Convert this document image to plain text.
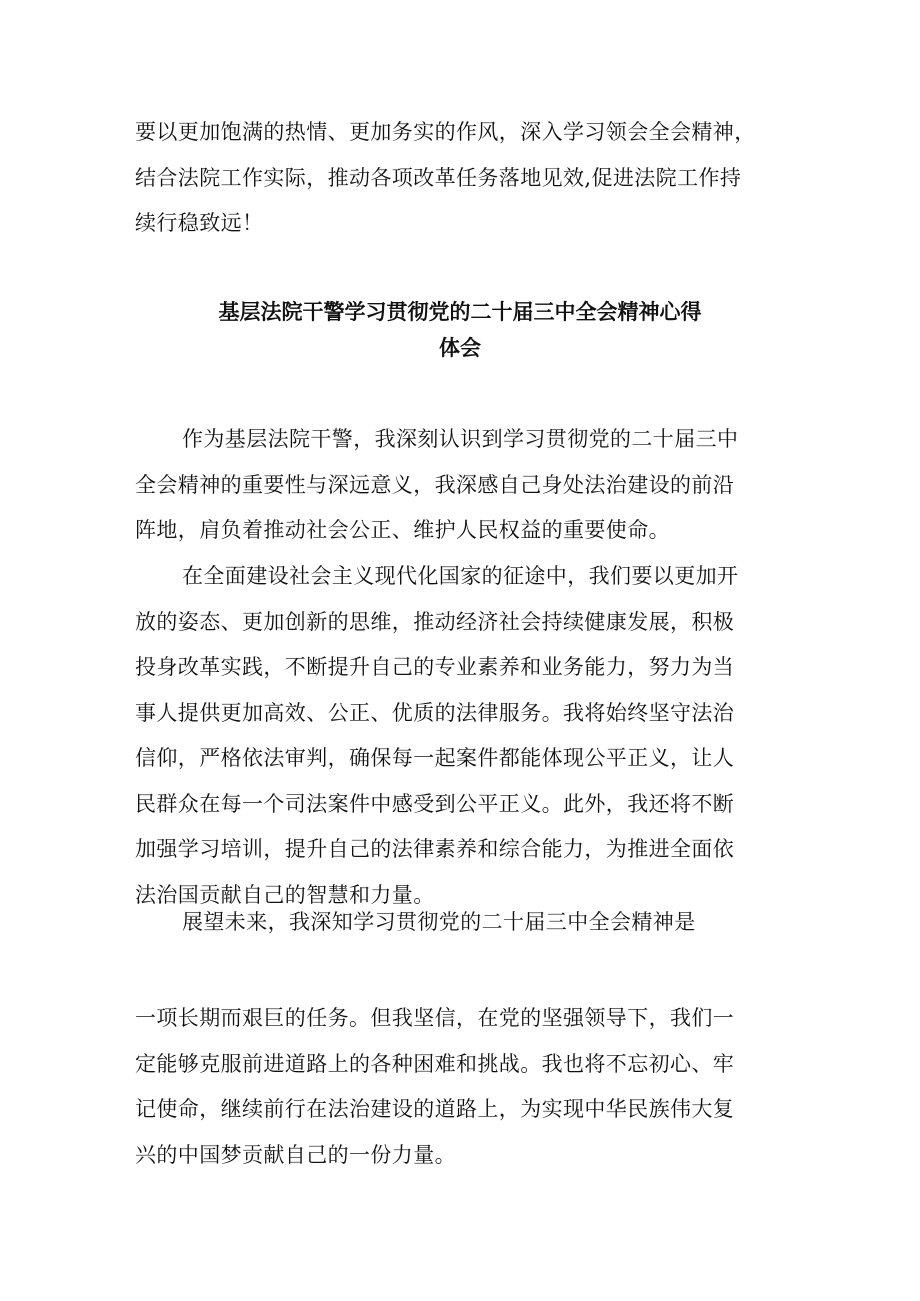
要以更加饱满的热情、更加务实的作风，深入学习领会全会精神，
结合法院工作实际，推动各项改革任务落地见效,促进法院工作持
续行稳致远！
基层法院干警学习贯彻党的二十届三中全会精神心得
体会
作为基层法院干警，我深刻认识到学习贯彻党的二十届三中
全会精神的重要性与深远意义，我深感自己身处法治建设的前沿
阵地，肩负着推动社会公正、维护人民权益的重要使命。
在全面建设社会主义现代化国家的征途中，我们要以更加开
放的姿态、更加创新的思维，推动经济社会持续健康发展，积极
投身改革实践，不断提升自己的专业素养和业务能力，努力为当
事人提供更加高效、公正、优质的法律服务。我将始终坚守法治
信仰，严格依法审判，确保每一起案件都能体现公平正义，让人
民群众在每一个司法案件中感受到公平正义。此外，我还将不断
加强学习培训，提升自己的法律素养和综合能力，为推进全面依
法治国贡献自己的智慧和力量。
展望未来，我深知学习贯彻党的二十届三中全会精神是
一项长期而艰巨的任务。但我坚信，在党的坚强领导下，我们一
定能够克服前进道路上的各种困难和挑战。我也将不忘初心、牢
记使命，继续前行在法治建设的道路上，为实现中华民族伟大复
兴的中国梦贡献自己的一份力量。
